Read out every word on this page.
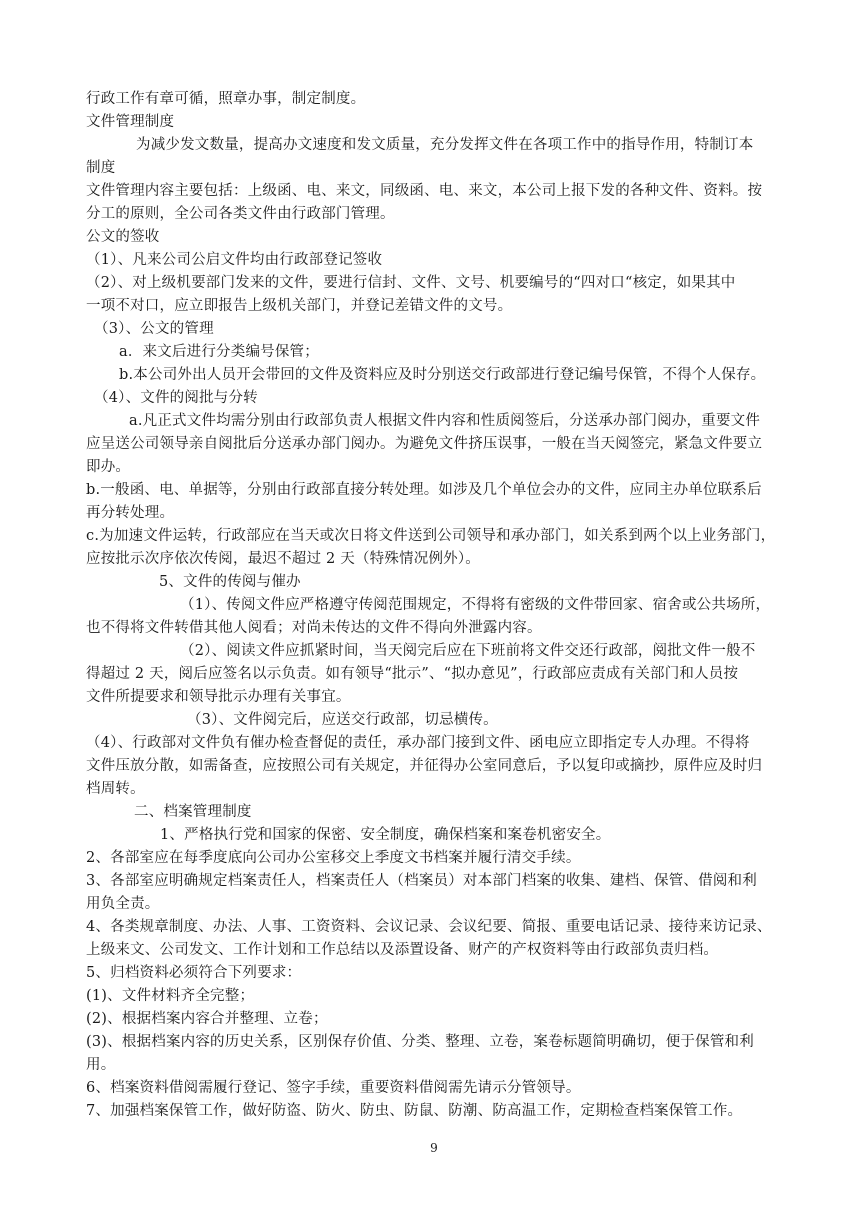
行政工作有章可循，照章办事，制定制度。
文件管理制度
为减少发文数量，提高办文速度和发文质量，充分发挥文件在各项工作中的指导作用，特制订本
制度
文件管理内容主要包括：上级函、电、来文，同级函、电、来文，本公司上报下发的各种文件、资料。按
分工的原则，全公司各类文件由行政部门管理。
公文的签收
（1）、凡来公司公启文件均由行政部登记签收
（2）、对上级机要部门发来的文件，要进行信封、文件、文号、机要编号的“四对口“核定，如果其中
一项不对口，应立即报告上级机关部门，并登记差错文件的文号。
（3）、公文的管理
a．来文后进行分类编号保管；
b.本公司外出人员开会带回的文件及资料应及时分别送交行政部进行登记编号保管，不得个人保存。
（4）、文件的阅批与分转
a.凡正式文件均需分别由行政部负责人根据文件内容和性质阅签后，分送承办部门阅办，重要文件
应呈送公司领导亲自阅批后分送承办部门阅办。为避免文件挤压误事，一般在当天阅签完，紧急文件要立
即办。
b.一般函、电、单据等，分别由行政部直接分转处理。如涉及几个单位会办的文件，应同主办单位联系后
再分转处理。
c.为加速文件运转，行政部应在当天或次日将文件送到公司领导和承办部门，如关系到两个以上业务部门，
应按批示次序依次传阅，最迟不超过 2 天（特殊情况例外）。
5、文件的传阅与催办
（1）、传阅文件应严格遵守传阅范围规定，不得将有密级的文件带回家、宿舍或公共场所，
也不得将文件转借其他人阅看；对尚未传达的文件不得向外泄露内容。
（2）、阅读文件应抓紧时间，当天阅完后应在下班前将文件交还行政部，阅批文件一般不
得超过 2 天，阅后应签名以示负责。如有领导“批示”、“拟办意见”，行政部应责成有关部门和人员按
文件所提要求和领导批示办理有关事宜。
（3）、文件阅完后，应送交行政部，切忌横传。
（4）、行政部对文件负有催办检查督促的责任，承办部门接到文件、函电应立即指定专人办理。不得将
文件压放分散，如需备查，应按照公司有关规定，并征得办公室同意后，予以复印或摘抄，原件应及时归
档周转。
二、档案管理制度
1、严格执行党和国家的保密、安全制度，确保档案和案卷机密安全。
2、各部室应在每季度底向公司办公室移交上季度文书档案并履行清交手续。
3、各部室应明确规定档案责任人，档案责任人（档案员）对本部门档案的收集、建档、保管、借阅和利
用负全责。
4、各类规章制度、办法、人事、工资资料、会议记录、会议纪要、简报、重要电话记录、接待来访记录、
上级来文、公司发文、工作计划和工作总结以及添置设备、财产的产权资料等由行政部负责归档。
5、归档资料必须符合下列要求：
(1)、文件材料齐全完整；
(2)、根据档案内容合并整理、立卷；
(3)、根据档案内容的历史关系，区别保存价值、分类、整理、立卷，案卷标题简明确切，便于保管和利
用。
6、档案资料借阅需履行登记、签字手续，重要资料借阅需先请示分管领导。
7、加强档案保管工作，做好防盗、防火、防虫、防鼠、防潮、防高温工作，定期检查档案保管工作。
9
